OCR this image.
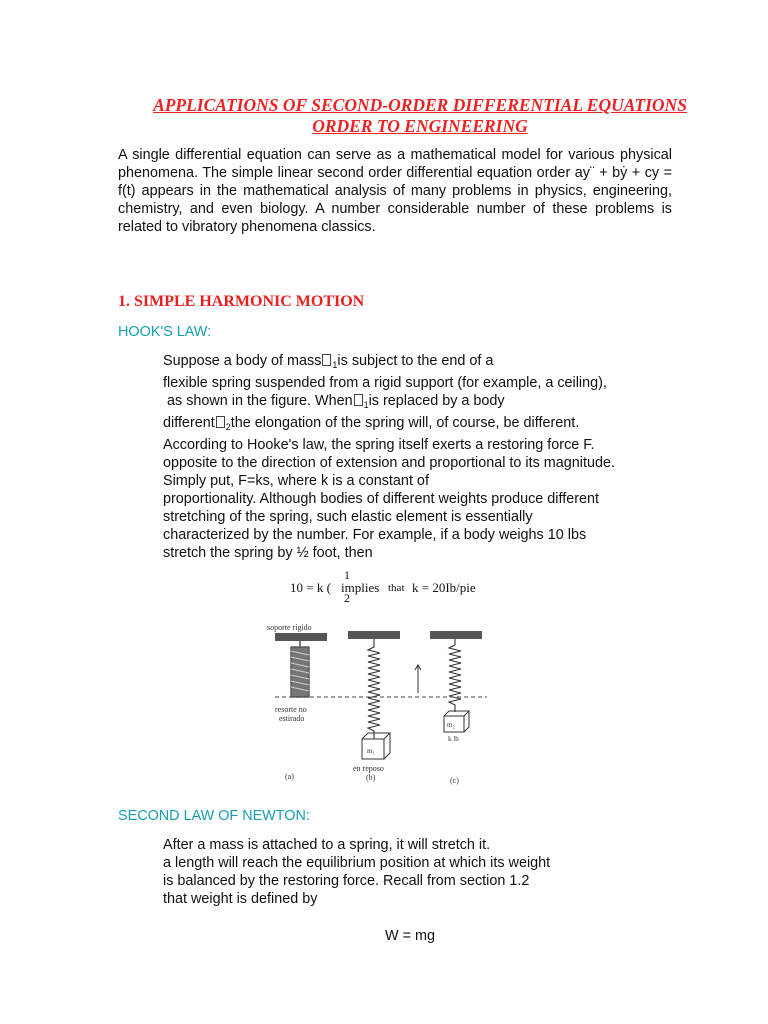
APPLICATIONS OF SECOND-ORDER DIFFERENTIAL EQUATIONS
ORDER TO ENGINEERING

A single differential equation can serve as a mathematical model for various physical phenomena. The simple linear second order differential equation order ay¨ + bẏ + cy = f(t) appears in the mathematical analysis of many problems in physics, engineering, chemistry, and even biology. A number considerable number of these problems is related to vibratory phenomena classics.

1. SIMPLE HARMONIC MOTION
HOOK'S LAW:
Suppose a body of mass $_1$is subject to the end of a
flexible spring suspended from a rigid support (for example, a ceiling),
as shown in the figure. When $_1$is replaced by a body
different $_2$the elongation of the spring will, of course, be different.
According to Hooke's law, the spring itself exerts a restoring force F.
opposite to the direction of extension and proportional to its magnitude.
Simply put, F=ks, where k is a constant of
proportionality. Although bodies of different weights produce different
stretching of the spring, such elastic element is essentially
characterized by the number. For example, if a body weighs 10 lbs
stretch the spring by ½ foot, then
10 = k (
1
2
implies that k = 20Ib/pie
soporte rígido
m₁
m₂
resorte no
estirado
en reposo
k lb
(a)	(b)	(c)
SECOND LAW OF NEWTON:
After a mass is attached to a spring, it will stretch it.
a length will reach the equilibrium position at which its weight
is balanced by the restoring force. Recall from section 1.2
that weight is defined by
W = mg
